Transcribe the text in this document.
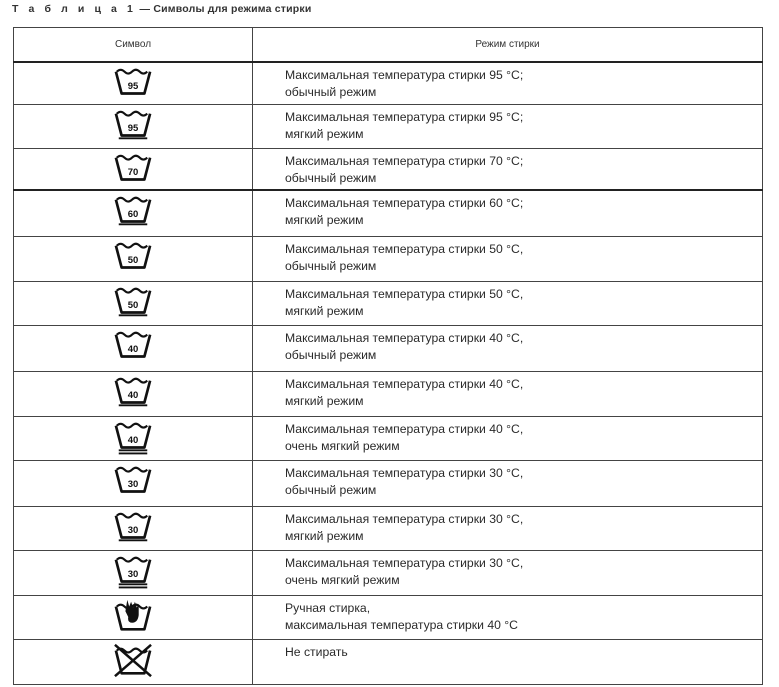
Т а б л и ц а 1 — Символы для режима стирки
Символ	Режим стирки

95	Максимальная температура стирки 95 °С;
обычный режим

95	Максимальная температура стирки 95 °С;
мягкий режим

70	Максимальная температура стирки 70 °С;
обычный режим

60	Максимальная температура стирки 60 °С;
мягкий режим

50	Максимальная температура стирки 50 °С,
обычный режим

50	Максимальная температура стирки 50 °С,
мягкий режим

40	Максимальная температура стирки 40 °С,
обычный режим

40	Максимальная температура стирки 40 °С,
мягкий режим

40	Максимальная температура стирки 40 °С,
очень мягкий режим

30	Максимальная температура стирки 30 °С,
обычный режим

30	Максимальная температура стирки 30 °С,
мягкий режим

30	Максимальная температура стирки 30 °С,
очень мягкий режим

Ручная стирка,
максимальная температура стирки 40 °С

Не стирать
